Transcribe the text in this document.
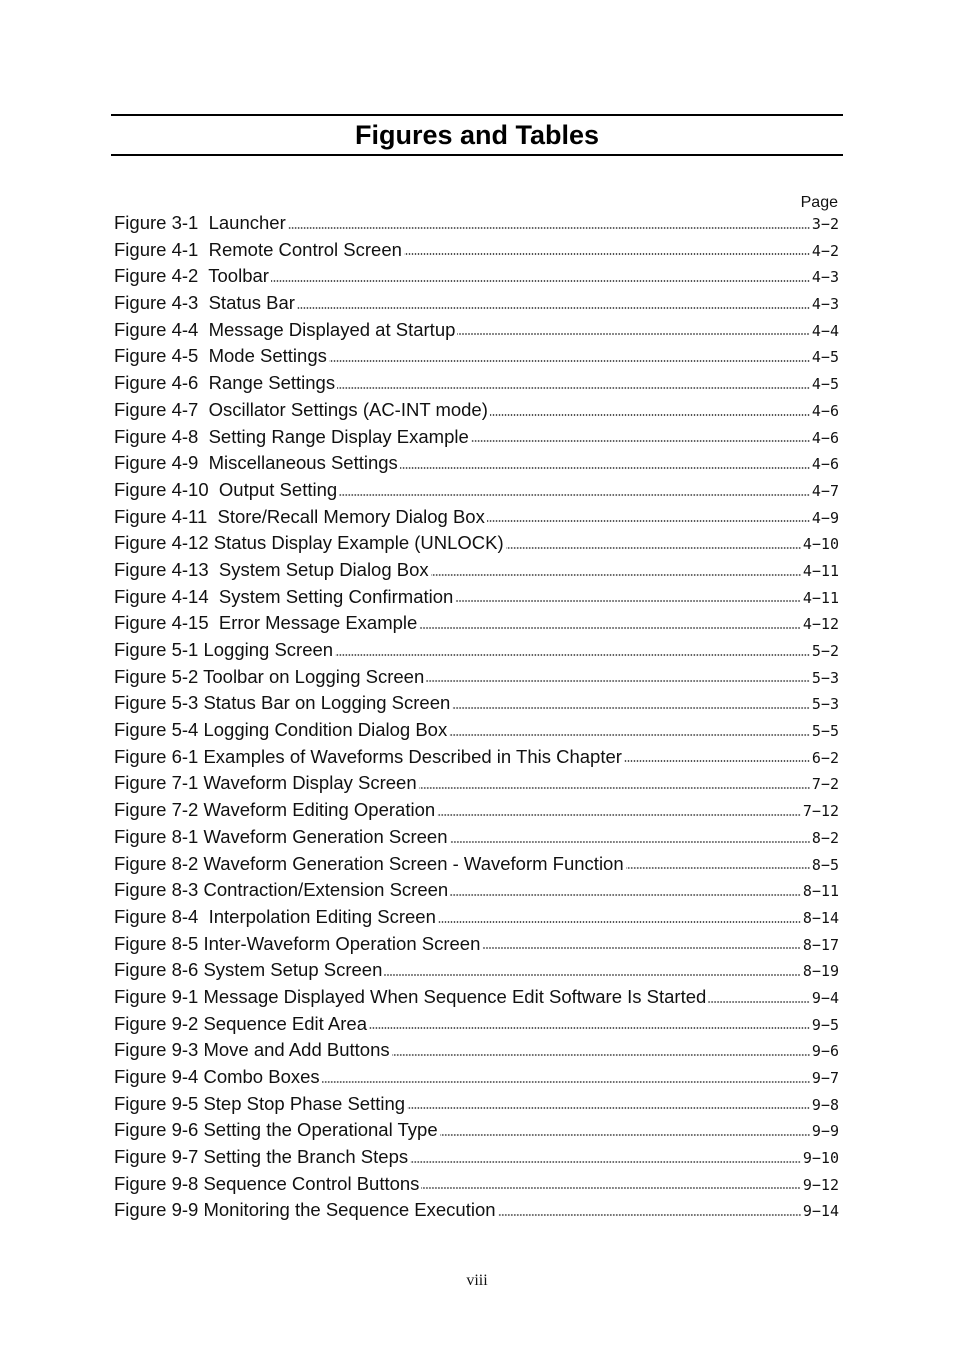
Figures and Tables
Page
Figure 3-1  Launcher	3−2
Figure 4-1  Remote Control Screen	4−2
Figure 4-2  Toolbar	4−3
Figure 4-3  Status Bar	4−3
Figure 4-4  Message Displayed at Startup	4−4
Figure 4-5  Mode Settings	4−5
Figure 4-6  Range Settings	4−5
Figure 4-7  Oscillator Settings (AC-INT mode)	4−6
Figure 4-8  Setting Range Display Example	4−6
Figure 4-9  Miscellaneous Settings	4−6
Figure 4-10  Output Setting	4−7
Figure 4-11  Store/Recall Memory Dialog Box	4−9
Figure 4-12 Status Display Example (UNLOCK)	4−10
Figure 4-13  System Setup Dialog Box	4−11
Figure 4-14  System Setting Confirmation	4−11
Figure 4-15  Error Message Example	4−12
Figure 5-1 Logging Screen	5−2
Figure 5-2 Toolbar on Logging Screen	5−3
Figure 5-3 Status Bar on Logging Screen	5−3
Figure 5-4 Logging Condition Dialog Box	5−5
Figure 6-1 Examples of Waveforms Described in This Chapter	6−2
Figure 7-1 Waveform Display Screen	7−2
Figure 7-2 Waveform Editing Operation	7−12
Figure 8-1 Waveform Generation Screen	8−2
Figure 8-2 Waveform Generation Screen - Waveform Function	8−5
Figure 8-3 Contraction/Extension Screen	8−11
Figure 8-4  Interpolation Editing Screen	8−14
Figure 8-5 Inter-Waveform Operation Screen	8−17
Figure 8-6 System Setup Screen	8−19
Figure 9-1 Message Displayed When Sequence Edit Software Is Started	9−4
Figure 9-2 Sequence Edit Area	9−5
Figure 9-3 Move and Add Buttons	9−6
Figure 9-4 Combo Boxes	9−7
Figure 9-5 Step Stop Phase Setting	9−8
Figure 9-6 Setting the Operational Type	9−9
Figure 9-7 Setting the Branch Steps	9−10
Figure 9-8 Sequence Control Buttons	9−12
Figure 9-9 Monitoring the Sequence Execution	9−14
viii
